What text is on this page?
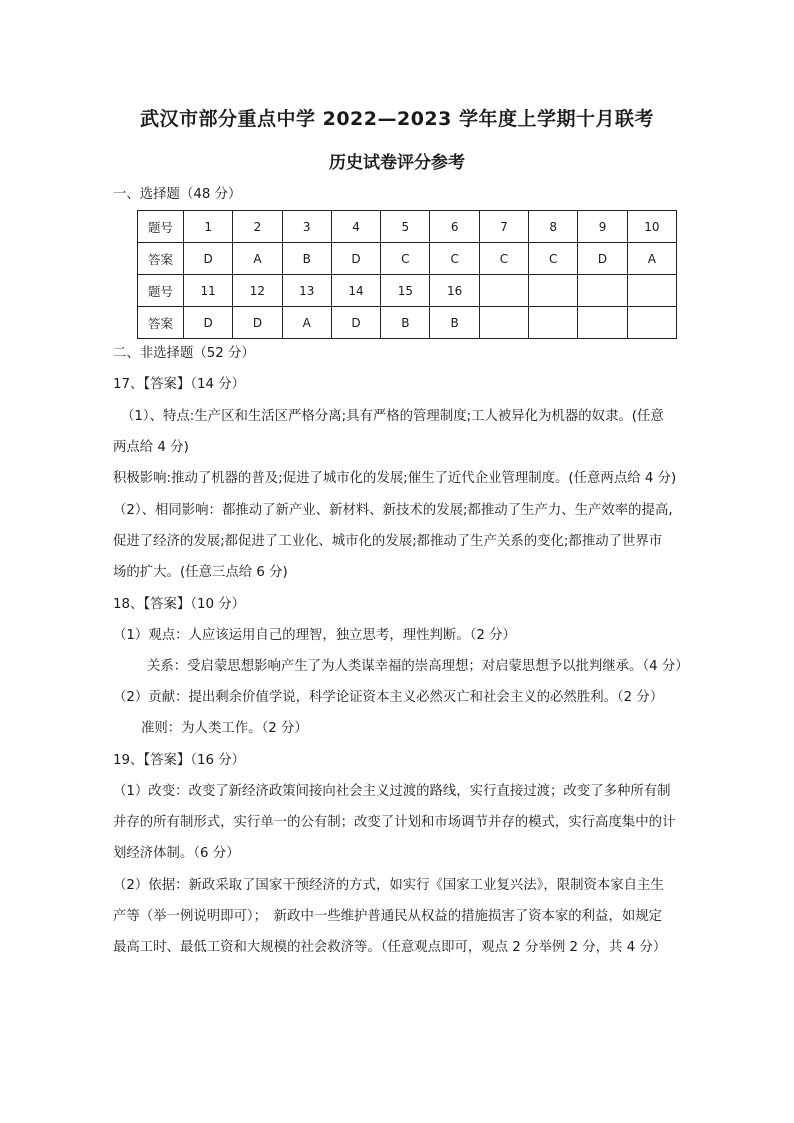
武汉市部分重点中学 2022—2023 学年度上学期十月联考
历史试卷评分参考
一、选择题（48 分）
题号	1	2	3	4	5	6	7	8	9	10
答案	D	A	B	D	C	C	C	C	D	A
题号	11	12	13	14	15	16				
答案	D	D	A	D	B	B				
二、非选择题（52 分）
17、【答案】（14 分）
（1）、特点:生产区和生活区严格分离;具有严格的管理制度;工人被异化为机器的奴隶。(任意
两点给 4 分)
积极影响:推动了机器的普及;促进了城市化的发展;催生了近代企业管理制度。(任意两点给 4 分)
（2）、相同影响：都推动了新产业、新材料、新技术的发展;都推动了生产力、生产效率的提高,
促进了经济的发展;都促进了工业化、城市化的发展;都推动了生产关系的变化;都推动了世界市
场的扩大。(任意三点给 6 分)
18、【答案】（10 分）
（1）观点：人应该运用自己的理智，独立思考，理性判断。（2 分）
关系：受启蒙思想影响产生了为人类谋幸福的崇高理想；对启蒙思想予以批判继承。（4 分）
（2）贡献：提出剩余价值学说，科学论证资本主义必然灭亡和社会主义的必然胜利。（2 分）
准则：为人类工作。（2 分）
19、【答案】（16 分）
（1）改变：改变了新经济政策间接向社会主义过渡的路线，实行直接过渡；改变了多种所有制
并存的所有制形式，实行单一的公有制；改变了计划和市场调节并存的模式，实行高度集中的计
划经济体制。（6 分）
（2）依据：新政采取了国家干预经济的方式，如实行《国家工业复兴法》，限制资本家自主生
产等（举一例说明即可）；　新政中一些维护普通民从权益的措施损害了资本家的利益，如规定
最高工时、最低工资和大规模的社会救济等。（任意观点即可，观点 2 分举例 2 分，共 4 分）
